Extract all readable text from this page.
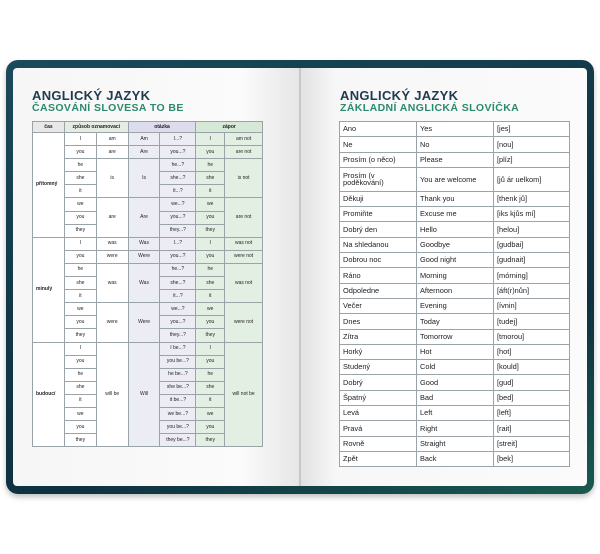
ANGLICKÝ JAZYK
ČASOVÁNÍ SLOVESA TO BE
ANGLICKÝ JAZYK
ZÁKLADNÍ ANGLICKÁ SLOVÍČKA
čas	způsob oznamovací		otázka		zápor	
přítomný	I	am	Am	I...?	I	am not
	you	are	Are	you...?	you	are not
	he	is	Is	he...?	he	is not
	she			she...?	she	
	it			it...?	it	
	we	are	Are	we...?	we	are not
	you			you...?	you	
	they			they...?	they	
minulý	I	was	Was	I...?	I	was not
	you	were	Were	you...?	you	were not
	he	was	Was	he...?	he	was not
	she			she...?	she	
	it			it...?	it	
	we	were	Were	we...?	we	were not
	you			you...?	you	
	they			they...?	they	
budoucí	I	will be	Will	I be...?	I	will not be
	you			you be...?	you	
	he			he be...?	he	
	she			she be...?	she	
	it			it be...?	it	
	we			we be...?	we	
	you			you be...?	you	
	they			they be...?	they	
Ano	Yes	[jes]
Ne	No	[nou]
Prosím (o něco)	Please	[plíz]
Prosím (v poděkování)	You are welcome	[jů ár uelkom]
Děkuji	Thank you	[thenk jů]
Promiňte	Excuse me	[iks kjůs mí]
Dobrý den	Hello	[helou]
Na shledanou	Goodbye	[gudbai]
Dobrou noc	Good night	[gudnait]
Ráno	Morning	[mórning]
Odpoledne	Afternoon	[áft(r)nůn]
Večer	Evening	[ívnin]
Dnes	Today	[tudej]
Zítra	Tomorrow	[tmorou]
Horký	Hot	[hot]
Studený	Cold	[kould]
Dobrý	Good	[gud]
Špatný	Bad	[bed]
Levá	Left	[left]
Pravá	Right	[rait]
Rovně	Straight	[streit]
Zpět	Back	[bek]
